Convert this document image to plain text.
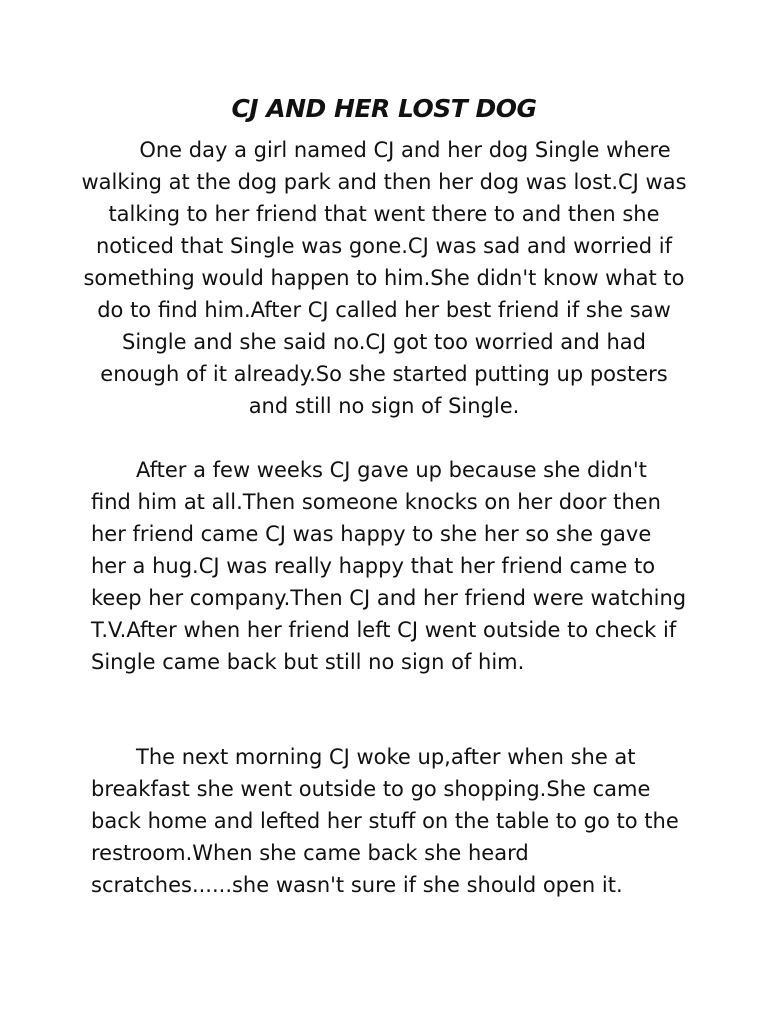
CJ AND HER LOST DOG

One day a girl named CJ and her dog Single where walking at the dog park and then her dog was lost.CJ was talking to her friend that went there to and then she noticed that Single was gone.CJ was sad and worried if something would happen to him.She didn't know what to do to find him.After CJ called her best friend if she saw Single and she said no.CJ got too worried and had enough of it already.So she started putting up posters and still no sign of Single.

After a few weeks CJ gave up because she didn't find him at all.Then someone knocks on her door then her friend came CJ was happy to she her so she gave her a hug.CJ was really happy that her friend came to keep her company.Then CJ and her friend were watching T.V.After when her friend left CJ went outside to check if Single came back but still no sign of him.

The next morning CJ woke up,after when she at breakfast she went outside to go shopping.She came back home and lefted her stuff on the table to go to the restroom.When she came back she heard scratches......she wasn't sure if she should open it.
